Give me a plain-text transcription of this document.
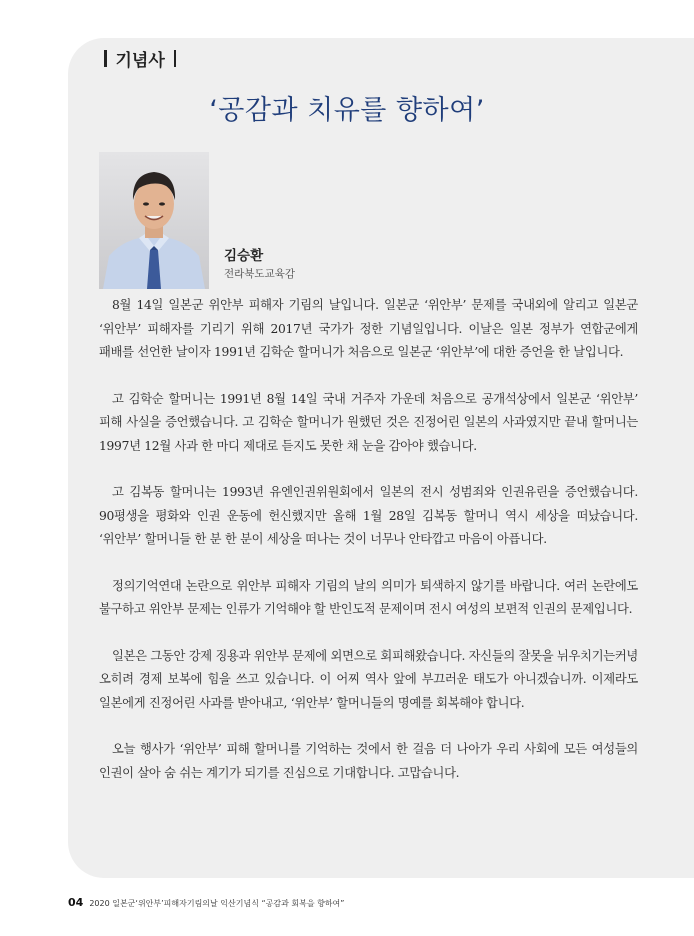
기념사
‘공감과 치유를 향하여’
김승환
전라북도교육감

8월 14일 일본군 위안부 피해자 기림의 날입니다. 일본군 ‘위안부’ 문제를 국내외에 알리고 일본군 ‘위안부’ 피해자를 기리기 위해 2017년 국가가 정한 기념일입니다. 이날은 일본 정부가 연합군에게 패배를 선언한 날이자 1991년 김학순 할머니가 처음으로 일본군 ‘위안부’에 대한 증언을 한 날입니다.

고 김학순 할머니는 1991년 8월 14일 국내 거주자 가운데 처음으로 공개석상에서 일본군 ‘위안부’ 피해 사실을 증언했습니다. 고 김학순 할머니가 원했던 것은 진정어린 일본의 사과였지만 끝내 할머니는 1997년 12월 사과 한 마디 제대로 듣지도 못한 채 눈을 감아야 했습니다.

고 김복동 할머니는 1993년 유엔인권위원회에서 일본의 전시 성범죄와 인권유린을 증언했습니다. 90평생을 평화와 인권 운동에 헌신했지만 올해 1월 28일 김복동 할머니 역시 세상을 떠났습니다. ‘위안부’ 할머니들 한 분 한 분이 세상을 떠나는 것이 너무나 안타깝고 마음이 아픕니다.

정의기억연대 논란으로 위안부 피해자 기림의 날의 의미가 퇴색하지 않기를 바랍니다. 여러 논란에도 불구하고 위안부 문제는 인류가 기억해야 할 반인도적 문제이며 전시 여성의 보편적 인권의 문제입니다.

일본은 그동안 강제 징용과 위안부 문제에 외면으로 회피해왔습니다. 자신들의 잘못을 뉘우치기는커녕 오히려 경제 보복에 힘을 쓰고 있습니다. 이 어찌 역사 앞에 부끄러운 태도가 아니겠습니까. 이제라도 일본에게 진정어린 사과를 받아내고, ‘위안부’ 할머니들의 명예를 회복해야 합니다.

오늘 행사가 ‘위안부’ 피해 할머니를 기억하는 것에서 한 걸음 더 나아가 우리 사회에 모든 여성들의 인권이 살아 숨 쉬는 계기가 되기를 진심으로 기대합니다. 고맙습니다.

04 2020 일본군‘위안부’피해자기림의날 익산기념식 “공감과 회복을 향하여”
